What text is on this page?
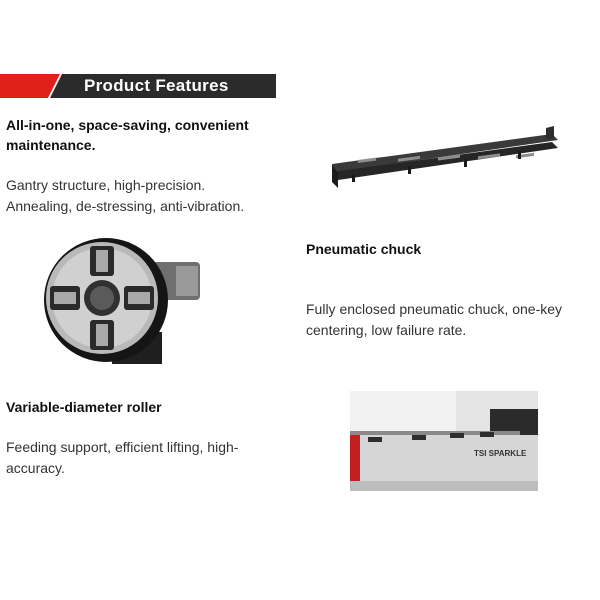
Product Features
All-in-one, space-saving, convenient
maintenance.
Gantry structure, high-precision.
Annealing, de-stressing, anti-vibration.
Pneumatic chuck
Fully enclosed pneumatic chuck, one-key
centering, low failure rate.
Variable-diameter roller
Feeding support, efficient lifting, high-
accuracy.
TSI SPARKLE
